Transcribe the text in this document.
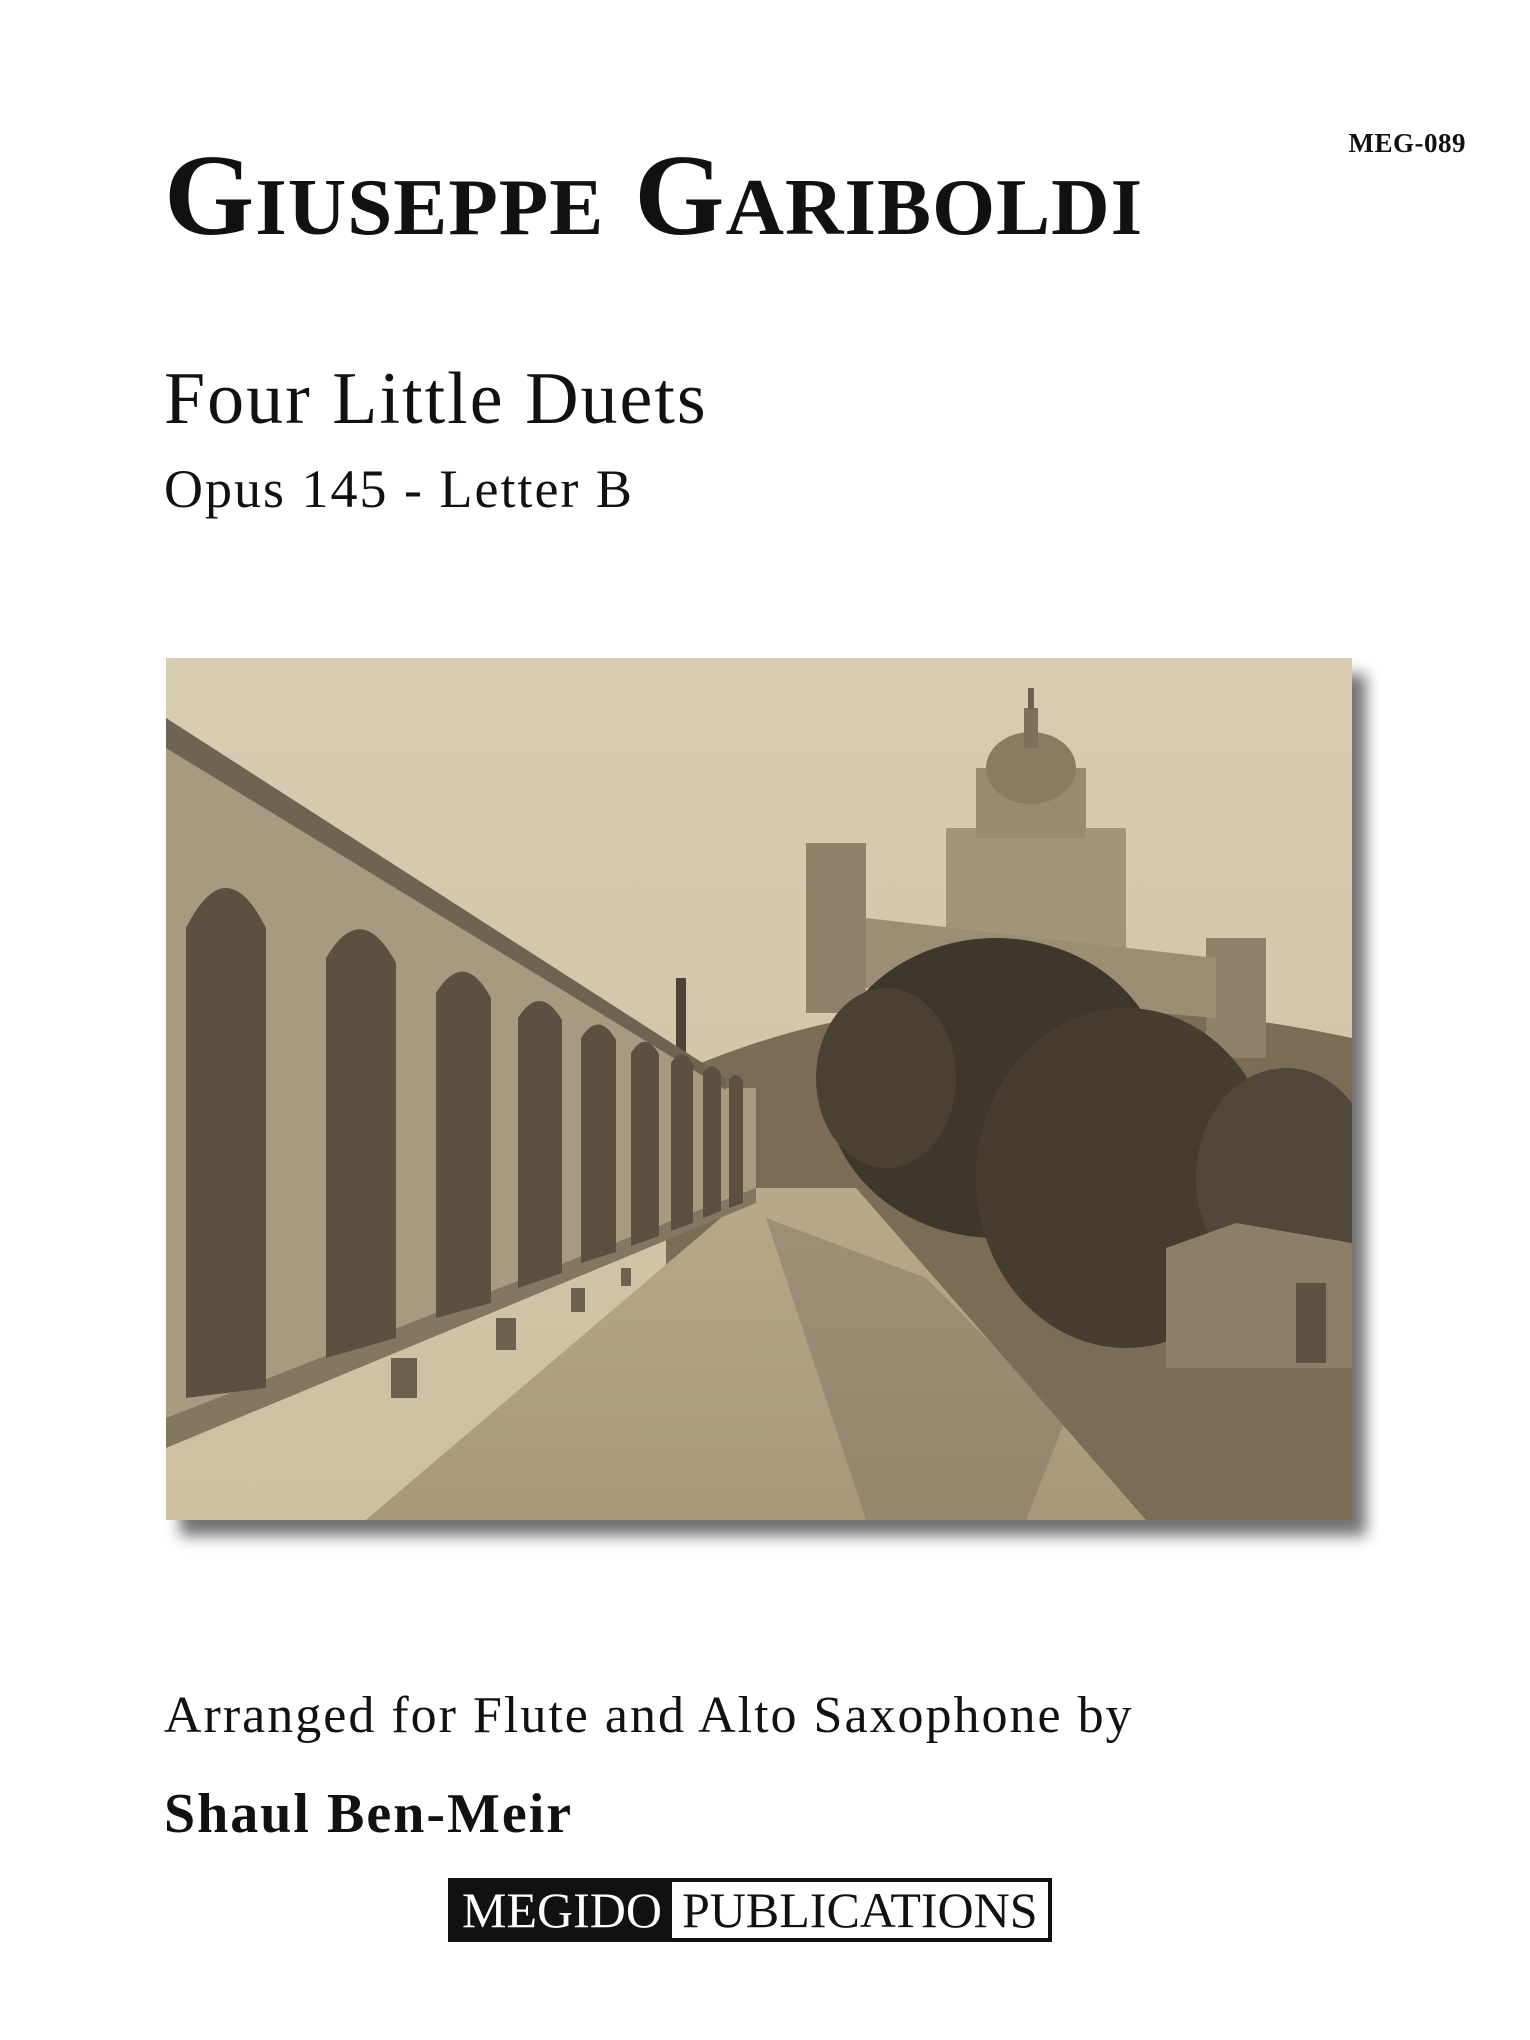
MEG-089
Giuseppe Gariboldi
Four Little Duets
Opus 145 - Letter B
Arranged for Flute and Alto Saxophone by
Shaul Ben-Meir
MEGIDO PUBLICATIONS
